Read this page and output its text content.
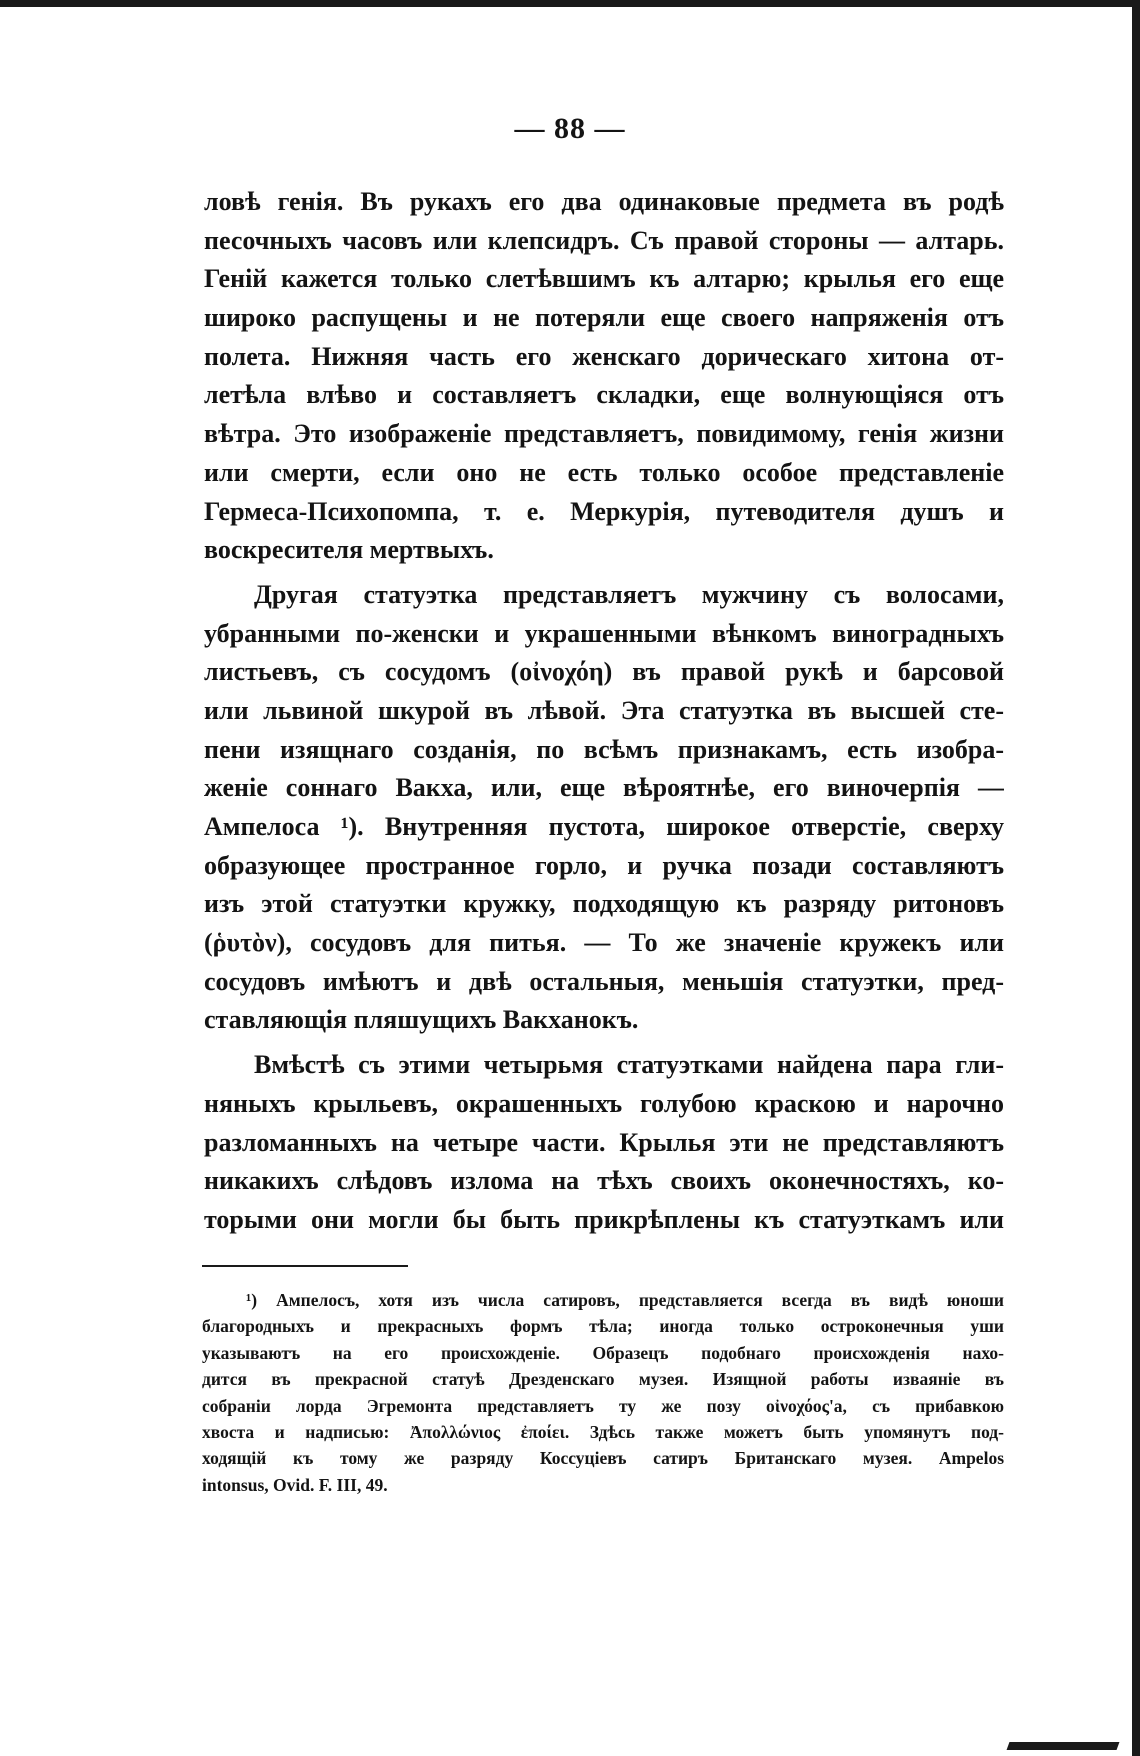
— 88 —
ловѣ генія. Въ рукахъ его два одинаковые предмета въ родѣ
песочныхъ часовъ или клепсидръ. Съ правой стороны — алтарь.
Геній кажется только слетѣвшимъ къ алтарю; крылья его еще
широко распущены и не потеряли еще своего напряженія отъ
полета. Нижняя часть его женскаго дорическаго хитона от-
летѣла влѣво и составляетъ складки, еще волнующіяся отъ
вѣтра. Это изображеніе представляетъ, повидимому, генія жизни
или смерти, если оно не есть только особое представленіе
Гермеса-Психопомпа, т. е. Меркурія, путеводителя душъ и
воскресителя мертвыхъ.
Другая статуэтка представляетъ мужчину съ волосами,
убранными по-женски и украшенными вѣнкомъ виноградныхъ
листьевъ, съ сосудомъ (οἰνοχόη) въ правой рукѣ и барсовой
или львиной шкурой въ лѣвой. Эта статуэтка въ высшей сте-
пени изящнаго созданія, по всѣмъ признакамъ, есть изобра-
женіе соннаго Вакха, или, еще вѣроятнѣе, его виночерпія —
Ампелоса ¹). Внутренняя пустота, широкое отверстіе, сверху
образующее пространное горло, и ручка позади составляютъ
изъ этой статуэтки кружку, подходящую къ разряду ритоновъ
(ῥυτὸν), сосудовъ для питья. — То же значеніе кружекъ или
сосудовъ имѣютъ и двѣ остальныя, меньшія статуэтки, пред-
ставляющія пляшущихъ Вакханокъ.
Вмѣстѣ съ этими четырьмя статуэтками найдена пара гли-
няныхъ крыльевъ, окрашенныхъ голубою краскою и нарочно
разломанныхъ на четыре части. Крылья эти не представляютъ
никакихъ слѣдовъ излома на тѣхъ своихъ оконечностяхъ, ко-
торыми они могли бы быть прикрѣплены къ статуэткамъ или
¹) Ампелосъ, хотя изъ числа сатировъ, представляется всегда въ видѣ юноши
благородныхъ и прекрасныхъ формъ тѣла; иногда только остроконечныя уши
указываютъ на его происхожденіе. Образецъ подобнаго происхожденія нахо-
дится въ прекрасной статуѣ Дрезденскаго музея. Изящной работы изваяніе въ
собраніи лорда Эгремонта представляетъ ту же позу οἰνοχόος'а, съ прибавкою
хвоста и надписью: Ἀπολλώνιος ἐποίει. Здѣсь также можетъ быть упомянутъ под-
ходящій къ тому же разряду Коссуціевъ сатиръ Британскаго музея. Ampelos
intonsus, Ovid. F. III, 49.
